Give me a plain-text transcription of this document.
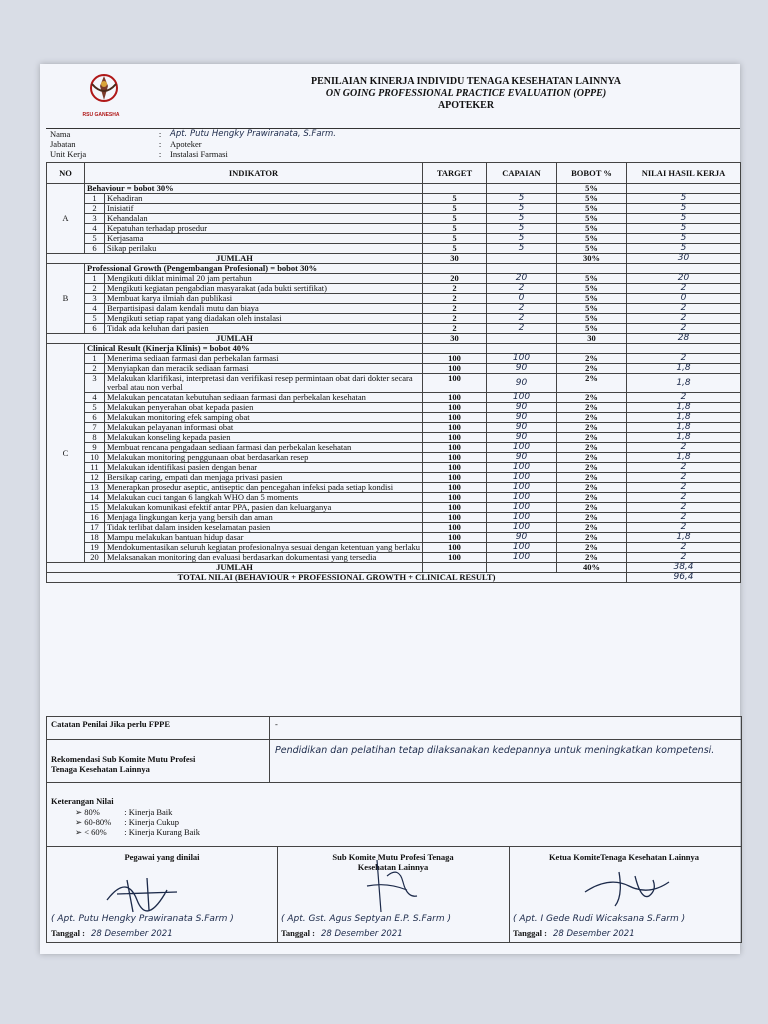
RSU GANESHA
PENILAIAN KINERJA INDIVIDU TENAGA KESEHATAN LAINNYA
ON GOING PROFESSIONAL PRACTICE EVALUATION (OPPE)
APOTEKER
Nama	:	Apt. Putu Hengky Prawiranata, S.Farm.
Jabatan	:	Apoteker
Unit Kerja	:	Instalasi Farmasi
NO	INDIKATOR		TARGET	CAPAIAN	BOBOT %	NILAI HASIL KERJA
A	Behaviour = bobot 30%				5%	
	1	Kehadiran	5	5	5%	5
	2	Inisiatif	5	5	5%	5
	3	Kehandalan	5	5	5%	5
	4	Kepatuhan terhadap prosedur	5	5	5%	5
	5	Kerjasama	5	5	5%	5
	6	Sikap perilaku	5	5	5%	5
JUMLAH			30		30%	30
B	Professional Growth (Pengembangan Profesional) = bobot 30%					
	1	Mengikuti diklat minimal 20 jam pertahun	20	20	5%	20
	2	Mengikuti kegiatan pengabdian masyarakat (ada bukti sertifikat)	2	2	5%	2
	3	Membuat karya ilmiah dan publikasi	2	0	5%	0
	4	Berpartisipasi dalam kendali mutu dan biaya	2	2	5%	2
	5	Mengikuti setiap rapat yang diadakan oleh instalasi	2	2	5%	2
	6	Tidak ada keluhan dari pasien	2	2	5%	2
JUMLAH			30		30	28
C	Clinical Result (Kinerja Klinis) = bobot 40%					
	1	Menerima sediaan farmasi dan perbekalan farmasi	100	100	2%	2
	2	Menyiapkan dan meracik sediaan farmasi	100	90	2%	1,8
	3	Melakukan klarifikasi, interpretasi dan verifikasi resep permintaan obat dari dokter secara verbal atau non verbal	100	90	2%	1,8
	4	Melakukan pencatatan kebutuhan sediaan farmasi dan perbekalan kesehatan	100	100	2%	2
	5	Melakukan penyerahan obat kepada pasien	100	90	2%	1,8
	6	Melakukan monitoring efek samping obat	100	90	2%	1,8
	7	Melakukan pelayanan informasi obat	100	90	2%	1,8
	8	Melakukan konseling kepada pasien	100	90	2%	1,8
	9	Membuat rencana pengadaan sediaan farmasi dan perbekalan kesehatan	100	100	2%	2
	10	Melakukan monitoring penggunaan obat berdasarkan resep	100	90	2%	1,8
	11	Melakukan identifikasi pasien dengan benar	100	100	2%	2
	12	Bersikap caring, empati dan menjaga privasi pasien	100	100	2%	2
	13	Menerapkan prosedur aseptic, antiseptic dan pencegahan infeksi pada setiap kondisi	100	100	2%	2
	14	Melakukan cuci tangan 6 langkah WHO dan 5 moments	100	100	2%	2
	15	Melakukan komunikasi efektif antar PPA, pasien dan keluarganya	100	100	2%	2
	16	Menjaga lingkungan kerja yang bersih dan aman	100	100	2%	2
	17	Tidak terlibat dalam insiden keselamatan pasien	100	100	2%	2
	18	Mampu melakukan bantuan hidup dasar	100	90	2%	1,8
	19	Mendokumentasikan seluruh kegiatan profesionalnya sesuai dengan ketentuan yang berlaku	100	100	2%	2
	20	Melaksanakan monitoring dan evaluasi berdasarkan dokumentasi yang tersedia	100	100	2%	2
JUMLAH					40%	38,4
TOTAL NILAI (BEHAVIOUR + PROFESSIONAL GROWTH + CLINICAL RESULT)						96,4
Catatan Penilai Jika perlu FPPE	-
Rekomendasi Sub Komite Mutu Profesi
Tenaga Kesehatan Lainnya
Pendidikan dan pelatihan tetap dilaksanakan kedepannya untuk meningkatkan kompetensi.
Keterangan Nilai
➢ 80%	: Kinerja Baik
➢ 60-80% : Kinerja Cukup
➢ < 60% : Kinerja Kurang Baik
Pegawai yang dinilai
( Apt. Putu Hengky Prawiranata S.Farm )
Tanggal : 28 Desember 2021
Sub Komite Mutu Profesi Tenaga Kesehatan Lainnya
( Apt. Gst. Agus Septyan E.P. S.Farm )
Tanggal : 28 Desember 2021
Ketua KomiteTenaga Kesehatan Lainnya
( Apt. I Gede Rudi Wicaksana S.Farm )
Tanggal : 28 Desember 2021
